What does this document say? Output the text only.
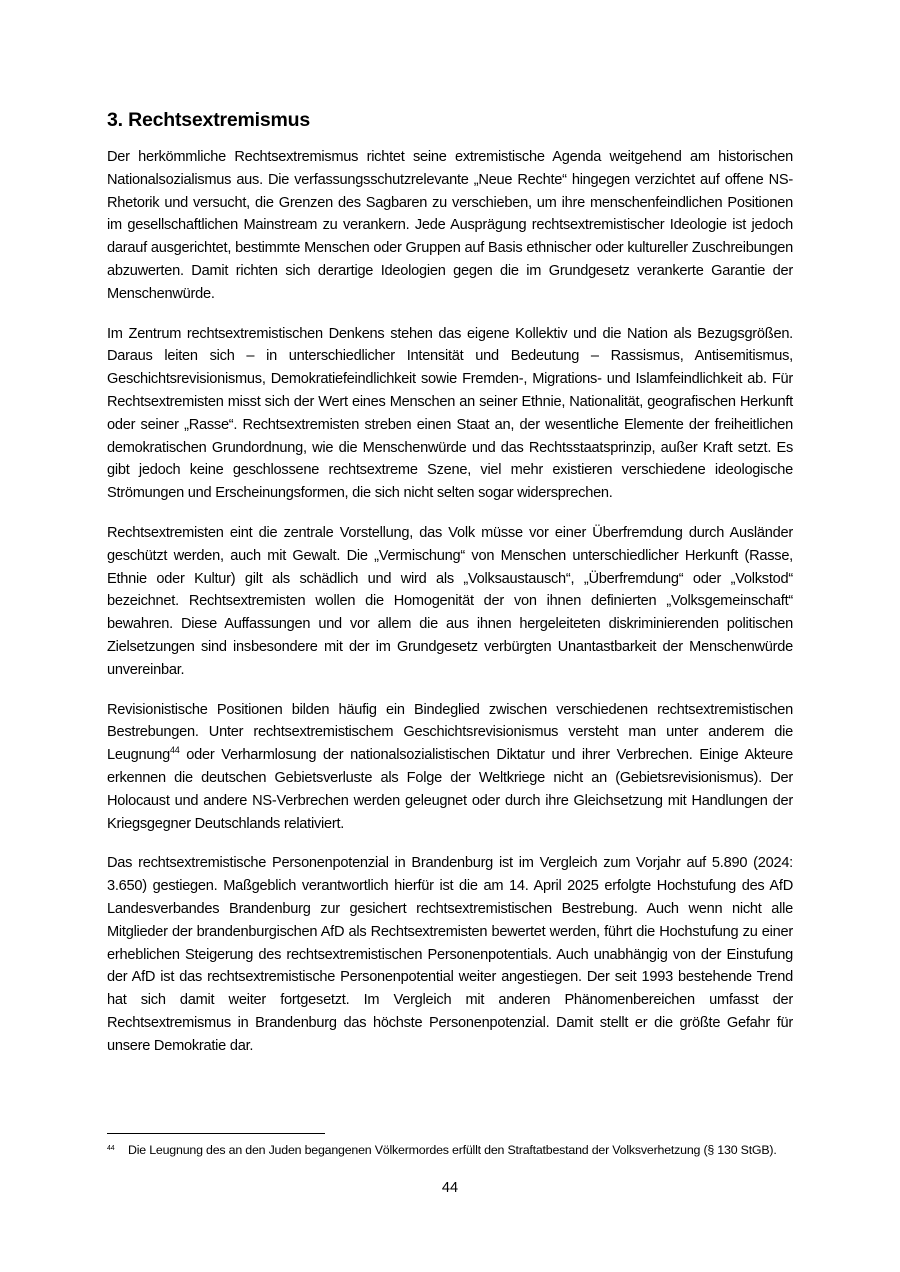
3. Rechtsextremismus

Der herkömmliche Rechtsextremismus richtet seine extremistische Agenda weitgehend am historischen Nationalsozialismus aus. Die verfassungsschutzrelevante „Neue Rechte“ hingegen verzichtet auf offene NS-Rhetorik und versucht, die Grenzen des Sagbaren zu verschieben, um ihre menschenfeindlichen Positionen im gesellschaftlichen Mainstream zu verankern. Jede Ausprägung rechtsextremistischer Ideologie ist jedoch darauf ausgerichtet, bestimmte Menschen oder Gruppen auf Basis ethnischer oder kultureller Zuschreibungen abzuwerten. Damit richten sich derartige Ideologien gegen die im Grundgesetz verankerte Garantie der Menschenwürde.

Im Zentrum rechtsextremistischen Denkens stehen das eigene Kollektiv und die Nation als Bezugsgrößen. Daraus leiten sich – in unterschiedlicher Intensität und Bedeutung – Rassismus, Antisemitismus, Geschichtsrevisionismus, Demokratiefeindlichkeit sowie Fremden-, Migrations- und Islamfeindlichkeit ab. Für Rechtsextremisten misst sich der Wert eines Menschen an seiner Ethnie, Nationalität, geografischen Herkunft oder seiner „Rasse“. Rechtsextremisten streben einen Staat an, der wesentliche Elemente der freiheitlichen demokratischen Grundordnung, wie die Menschenwürde und das Rechtsstaatsprinzip, außer Kraft setzt. Es gibt jedoch keine geschlossene rechtsextreme Szene, viel mehr existieren verschiedene ideologische Strömungen und Erscheinungsformen, die sich nicht selten sogar widersprechen.

Rechtsextremisten eint die zentrale Vorstellung, das Volk müsse vor einer Überfremdung durch Ausländer geschützt werden, auch mit Gewalt. Die „Vermischung“ von Menschen unterschiedlicher Herkunft (Rasse, Ethnie oder Kultur) gilt als schädlich und wird als „Volksaustausch“, „Überfremdung“ oder „Volkstod“ bezeichnet. Rechtsextremisten wollen die Homogenität der von ihnen definierten „Volksgemeinschaft“ bewahren. Diese Auffassungen und vor allem die aus ihnen hergeleiteten diskriminierenden politischen Zielsetzungen sind insbesondere mit der im Grundgesetz verbürgten Unantastbarkeit der Menschenwürde unvereinbar.

Revisionistische Positionen bilden häufig ein Bindeglied zwischen verschiedenen rechtsextremistischen Bestrebungen. Unter rechtsextremistischem Geschichtsrevisionismus versteht man unter anderem die Leugnung$^{44}$ oder Verharmlosung der nationalsozialistischen Diktatur und ihrer Verbrechen. Einige Akteure erkennen die deutschen Gebietsverluste als Folge der Weltkriege nicht an (Gebietsrevisionismus). Der Holocaust und andere NS-Verbrechen werden geleugnet oder durch ihre Gleichsetzung mit Handlungen der Kriegsgegner Deutschlands relativiert.

Das rechtsextremistische Personenpotenzial in Brandenburg ist im Vergleich zum Vorjahr auf 5.890 (2024: 3.650) gestiegen. Maßgeblich verantwortlich hierfür ist die am 14. April 2025 erfolgte Hochstufung des AfD Landesverbandes Brandenburg zur gesichert rechtsextremistischen Bestrebung. Auch wenn nicht alle Mitglieder der brandenburgischen AfD als Rechtsextremisten bewertet werden, führt die Hochstufung zu einer erheblichen Steigerung des rechtsextremistischen Personenpotentials. Auch unabhängig von der Einstufung der AfD ist das rechtsextremistische Personenpotential weiter angestiegen. Der seit 1993 bestehende Trend hat sich damit weiter fortgesetzt. Im Vergleich mit anderen Phänomenbereichen umfasst der Rechtsextremismus in Brandenburg das höchste Personenpotenzial. Damit stellt er die größte Gefahr für unsere Demokratie dar.

44	Die Leugnung des an den Juden begangenen Völkermordes erfüllt den Straftatbestand der Volksverhetzung (§ 130 StGB).

44
